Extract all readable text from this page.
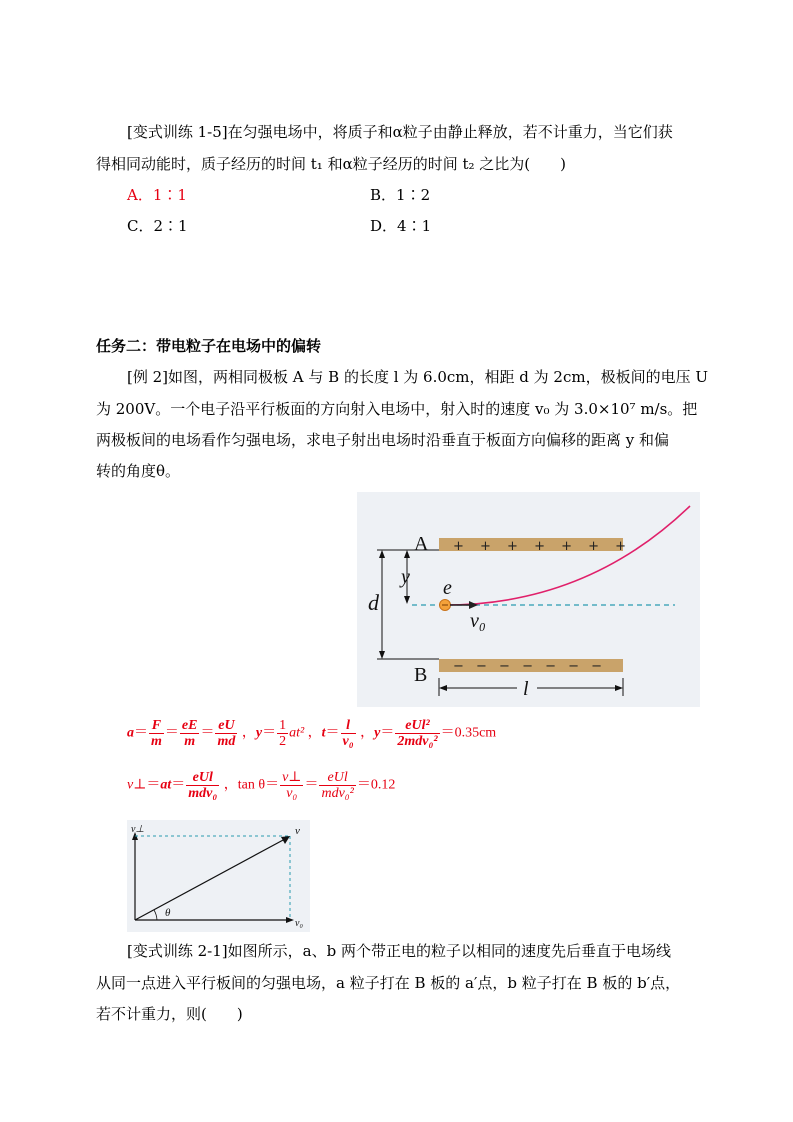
[变式训练 1-5]在匀强电场中，将质子和α粒子由静止释放，若不计重力，当它们获
得相同动能时，质子经历的时间 t₁ 和α粒子经历的时间 t₂ 之比为(　　)
A．1∶1	B．1∶2
C．2∶1	D．4∶1
任务二：带电粒子在电场中的偏转
[例 2]如图，两相同极板 A 与 B 的长度 l 为 6.0cm，相距 d 为 2cm，极板间的电压 U
为 200V。一个电子沿平行板面的方向射入电场中，射入时的速度 v₀ 为 3.0×10⁷ m/s。把
两极板间的电场看作匀强电场，求电子射出电场时沿垂直于板面方向偏移的距离 y 和偏
转的角度θ。
+ + + + + + +
− − − − − − −
A
B
d
y e
v₀
l
$a= \frac{F}{m} = \frac{eE}{m} = \frac{eU}{md}$ ，$y= \frac{1}{2} at^2$ ，$t= \frac{l}{\text{v₀}}$ ，$y= \frac{\text{eUl²}}{\text{2mdv₀²}} =0.35cm$
v⊥＝at＝ $\frac{\text{eUl}}{\text{mdv₀}}$ ，$\tan \theta= \frac{v\perp}{\text{v₀}} = \frac{\text{eUl}}{\text{mdv₀²}} =0.12$
v⊥	v
θ
v₀
[变式训练 2-1]如图所示，a、b 两个带正电的粒子以相同的速度先后垂直于电场线
从同一点进入平行板间的匀强电场，a 粒子打在 B 板的 a′点，b 粒子打在 B 板的 b′点，
若不计重力，则(　　)
